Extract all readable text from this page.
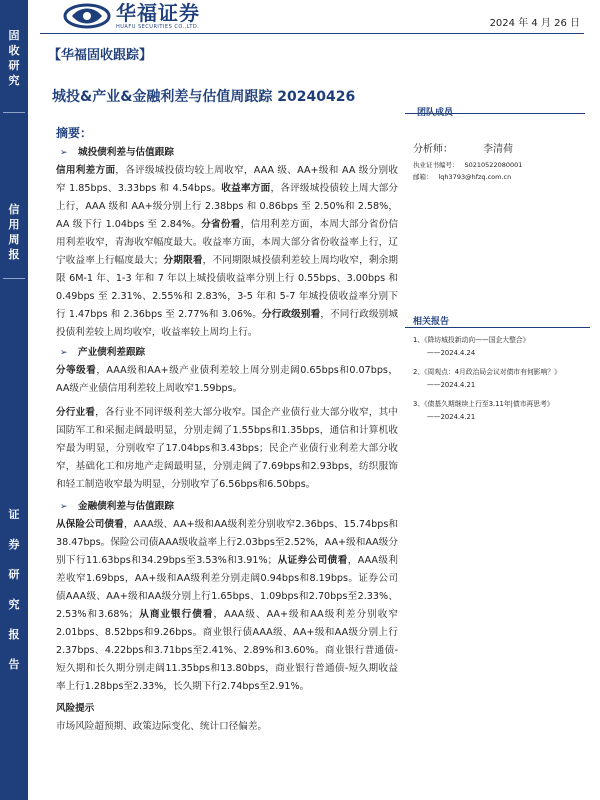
固
收
研
究
信
用
周
报
证
券
研
究
报
告
华福证券
HUAFU SECURITIES CO.,LTD.	2024 年 4 月 26 日
【华福固收跟踪】
城投&产业&金融利差与估值周跟踪 20240426
团队成员
摘要：
分析师：	李清荷
执业证书编号： S0210522080001
邮箱： lqh3793@hfzq.com.cn
相关报告
1、《降坊城投新动向——国企大整合》
——2024.4.24
2、《周观点：4月政治局会议对债市有何影响？》
——2024.4.21
3、《债基久期继续上行至3.11年|债市再思考》
——2024.4.21
➢ 城投债利差与估值跟踪

信用利差方面，各评级城投债均较上周收窄，AAA 级、AA+级和 AA 级分别收窄 1.85bps、3.33bps 和 4.54bps。收益率方面，各评级城投债较上周大部分上行，AAA 级和 AA+级分别上行 2.38bps 和 0.86bps 至 2.50%和 2.58%，AA 级下行 1.04bps 至 2.84%。分省份看，信用利差方面，本周大部分省份信用利差收窄，青海收窄幅度最大。收益率方面，本周大部分省份收益率上行，辽宁收益率上行幅度最大；分期限看，不同期限城投债利差较上周均收窄，剩余期限 6M-1 年、1-3 年和 7 年以上城投债收益率分别上行 0.55bps、3.00bps 和 0.49bps 至 2.31%、2.55%和 2.83%，3-5 年和 5-7 年城投债收益率分别下行 1.47bps 和 2.36bps 至 2.77%和 3.06%。分行政级别看，不同行政级别城投债利差较上周均收窄，收益率较上周均上行。

➢ 产业债利差跟踪

分等级看，AAA级和AA+级产业债利差较上周分别走阔0.65bps和0.07bps，AA级产业债信用利差较上周收窄1.59bps。

分行业看，各行业不同评级利差大部分收窄。国企产业债行业大部分收窄，其中国防军工和采掘走阔最明显，分别走阔了1.55bps和1.35bps，通信和计算机收窄最为明显，分别收窄了17.04bps和3.43bps；民企产业债行业利差大部分收窄，基础化工和房地产走阔最明显，分别走阔了7.69bps和2.93bps，纺织服饰和轻工制造收窄最为明显，分别收窄了6.56bps和6.50bps。

➢ 金融债利差与估值跟踪

从保险公司债看，AAA级、AA+级和AA级利差分别收窄2.36bps、15.74bps和38.47bps。保险公司债AAA级收益率上行2.03bps至2.52%，AA+级和AA级分别下行11.63bps和34.29bps至3.53%和3.91%；从证券公司债看，AAA级利差收窄1.69bps，AA+级和AA级利差分别走阔0.94bps和8.19bps。证券公司债AAA级、AA+级和AA级分别上行1.65bps、1.09bps和2.70bps至2.33%、2.53%和3.68%；从商业银行债看，AAA级、AA+级和AA级利差分别收窄2.01bps、8.52bps和9.26bps。商业银行债AAA级、AA+级和AA级分别上行2.37bps、4.22bps和3.71bps至2.41%、2.89%和3.60%。商业银行普通债-短久期和长久期分别走阔11.35bps和13.80bps，商业银行普通债-短久期收益率上行1.28bps至2.33%，长久期下行2.74bps至2.91%。

风险提示

市场风险超预期、政策边际变化、统计口径偏差。
